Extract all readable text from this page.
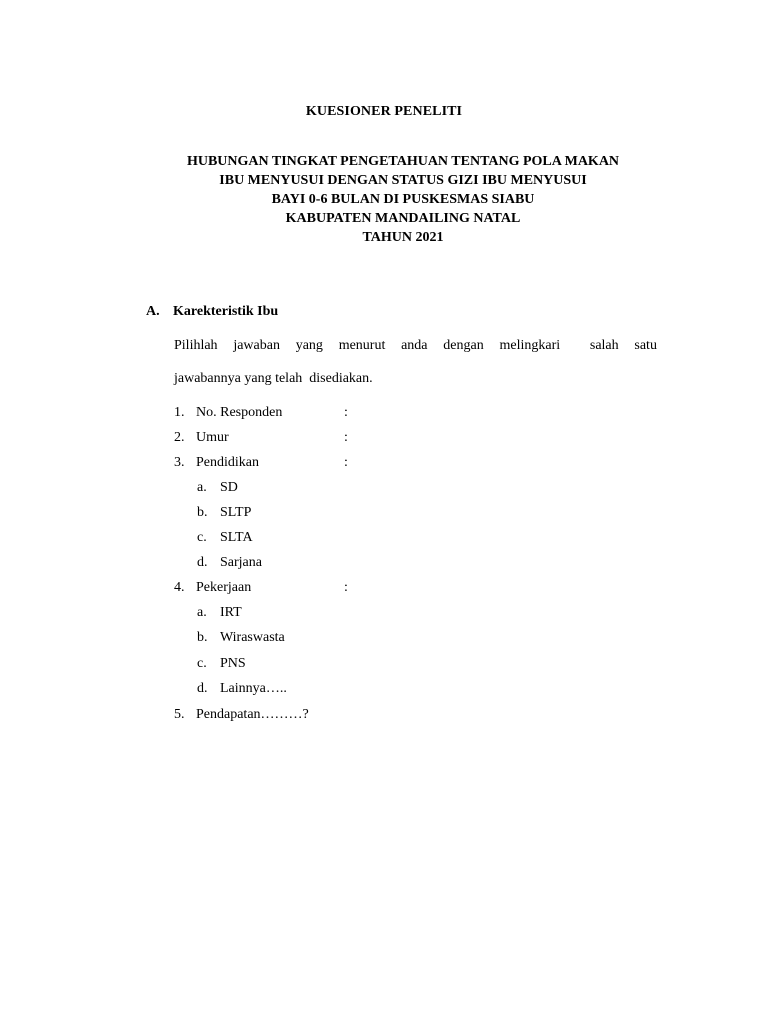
KUESIONER PENELITI
HUBUNGAN TINGKAT PENGETAHUAN TENTANG POLA MAKAN
IBU MENYUSUI DENGAN STATUS GIZI IBU MENYUSUI
BAYI 0-6 BULAN DI PUSKESMAS SIABU
KABUPATEN MANDAILING NATAL
TAHUN 2021
A. Karekteristik Ibu
Pilihlah jawaban yang menurut anda dengan melingkari salah satu
jawabannya yang telah  disediakan.
1. No. Responden	:
2. Umur	:
3. Pendidikan	:
a. SD
b. SLTP
c. SLTA
d. Sarjana
4. Pekerjaan	:
a. IRT
b. Wiraswasta
c. PNS
d. Lainnya…..
5. Pendapatan………?
